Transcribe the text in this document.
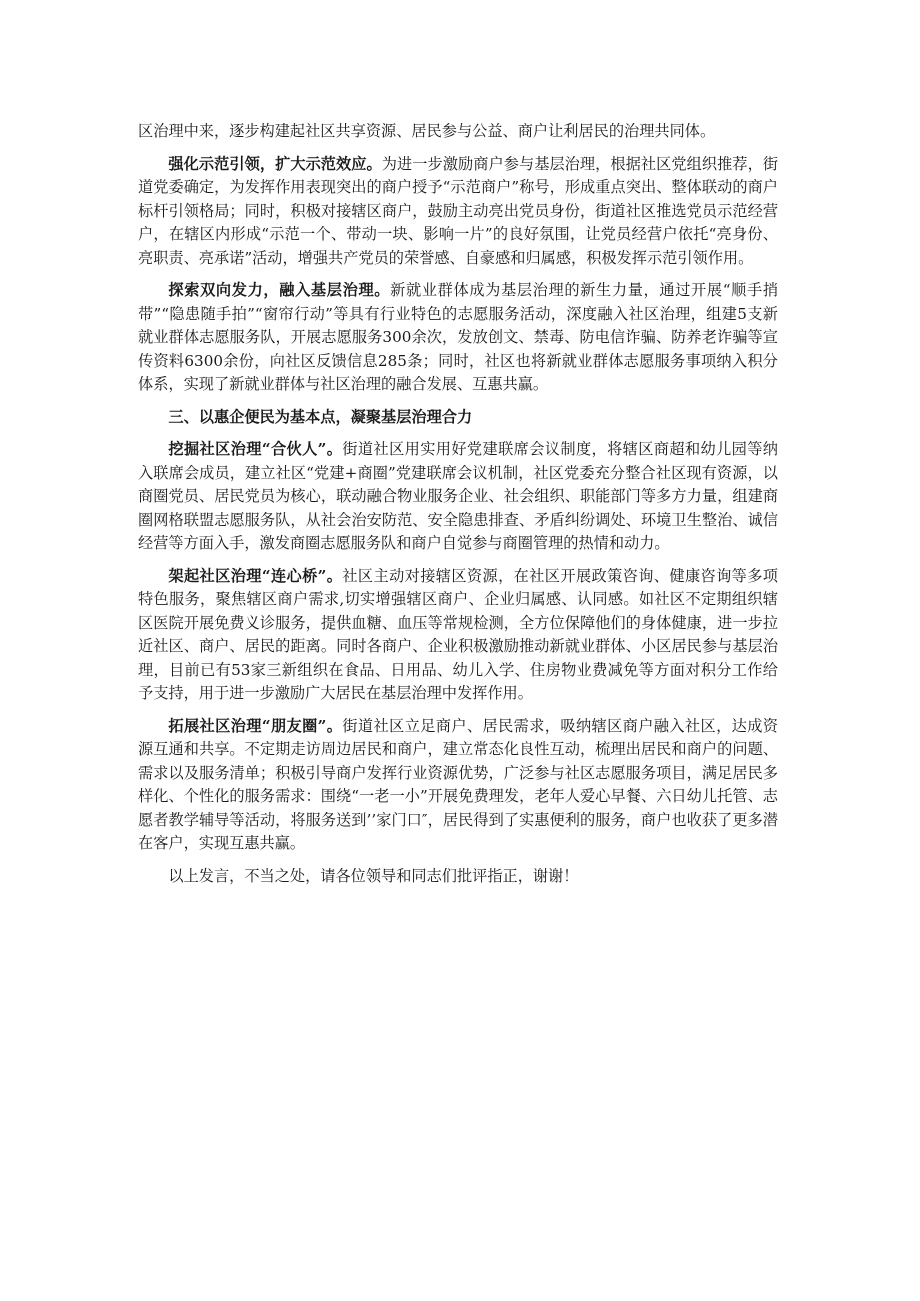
区治理中来，逐步构建起社区共享资源、居民参与公益、商户让利居民的治理共同体。

强化示范引领，扩大示范效应。为进一步激励商户参与基层治理，根据社区党组织推荐，街道党委确定，为发挥作用表现突出的商户授予“示范商户”称号，形成重点突出、整体联动的商户标杆引领格局；同时，积极对接辖区商户，鼓励主动亮出党员身份，街道社区推选党员示范经营户，在辖区内形成“示范一个、带动一块、影响一片”的良好氛围，让党员经营户依托“亮身份、亮职责、亮承诺”活动，增强共产党员的荣誉感、自豪感和归属感，积极发挥示范引领作用。

探索双向发力，融入基层治理。新就业群体成为基层治理的新生力量，通过开展“顺手捎带”“隐患随手拍”“窗帘行动”等具有行业特色的志愿服务活动，深度融入社区治理，组建5支新就业群体志愿服务队，开展志愿服务300余次，发放创文、禁毒、防电信诈骗、防养老诈骗等宣传资料6300余份，向社区反馈信息285条；同时，社区也将新就业群体志愿服务事项纳入积分体系，实现了新就业群体与社区治理的融合发展、互惠共赢。

三、以惠企便民为基本点，凝聚基层治理合力

挖掘社区治理“合伙人”。街道社区用实用好党建联席会议制度，将辖区商超和幼儿园等纳入联席会成员，建立社区“党建+商圈”党建联席会议机制，社区党委充分整合社区现有资源，以商圈党员、居民党员为核心，联动融合物业服务企业、社会组织、职能部门等多方力量，组建商圈网格联盟志愿服务队，从社会治安防范、安全隐患排查、矛盾纠纷调处、环境卫生整治、诚信经营等方面入手，激发商圈志愿服务队和商户自觉参与商圈管理的热情和动力。

架起社区治理“连心桥”。社区主动对接辖区资源，在社区开展政策咨询、健康咨询等多项特色服务，聚焦辖区商户需求,切实增强辖区商户、企业归属感、认同感。如社区不定期组织辖区医院开展免费义诊服务，提供血糖、血压等常规检测，全方位保障他们的身体健康，进一步拉近社区、商户、居民的距离。同时各商户、企业积极激励推动新就业群体、小区居民参与基层治理，目前已有53家三新组织在食品、日用品、幼儿入学、住房物业费减免等方面对积分工作给予支持，用于进一步激励广大居民在基层治理中发挥作用。

拓展社区治理“朋友圈”。街道社区立足商户、居民需求，吸纳辖区商户融入社区，达成资源互通和共享。不定期走访周边居民和商户，建立常态化良性互动，梳理出居民和商户的问题、需求以及服务清单；积极引导商户发挥行业资源优势，广泛参与社区志愿服务项目，满足居民多样化、个性化的服务需求：围绕“一老一小”开展免费理发，老年人爱心早餐、六日幼儿托管、志愿者教学辅导等活动，将服务送到’’家门口″，居民得到了实惠便利的服务，商户也收获了更多潜在客户，实现互惠共赢。

以上发言，不当之处，请各位领导和同志们批评指正，谢谢！
